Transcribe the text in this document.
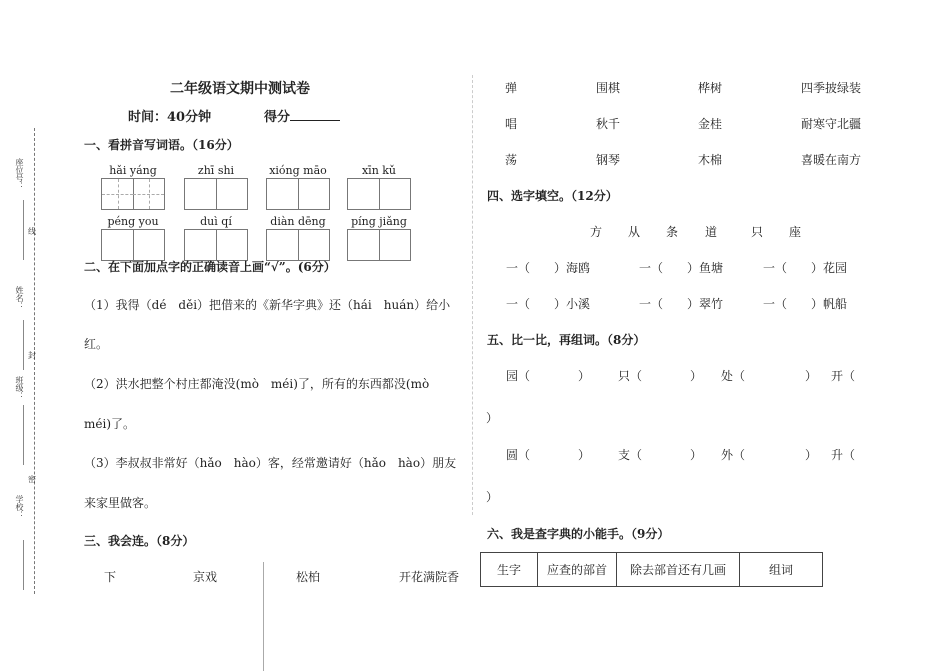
座位号：
线
姓名：
封
班级：
密
学校：
二年级语文期中测试卷
时间：40分钟	得分
一、看拼音写词语。（16分）
hǎi yáng	zhī shi	xióng māo	xīn kǔ
péng you	duì qí	diàn dēng	píng jiǎng
二、在下面加点字的正确读音上画“√”。(6分）
（1）我得（dé　děi）把借来的《新华字典》还（hái　huán）给小
红。
（2）洪水把整个村庄都淹没(mò　méi)了，所有的东西都没(mò
méi)了。
（3）李叔叔非常好（hǎo　hào）客，经常邀请好（hǎo　hào）朋友
来家里做客。
三、我会连。（8分）
下	京戏	松柏	开花满院香
弹	围棋	桦树	四季披绿装
唱	秋千	金桂	耐寒守北疆
荡	钢琴	木棉	喜暖在南方
四、选字填空。（12分）
方 从 条 道	只 座
一（　　）海鸥	一（　　）鱼塘	一（　　）花园
一（　　）小溪	一（　　）翠竹	一（　　）帆船
五、比一比，再组词。（8分）
园（　　　　） 只（　　　　） 处（　　　　　） 开（
）
圆（　　　　） 支（　　　　） 外（　　　　　） 升（
）
六、我是查字典的小能手。（9分）
生字	应查的部首	除去部首还有几画	组词
